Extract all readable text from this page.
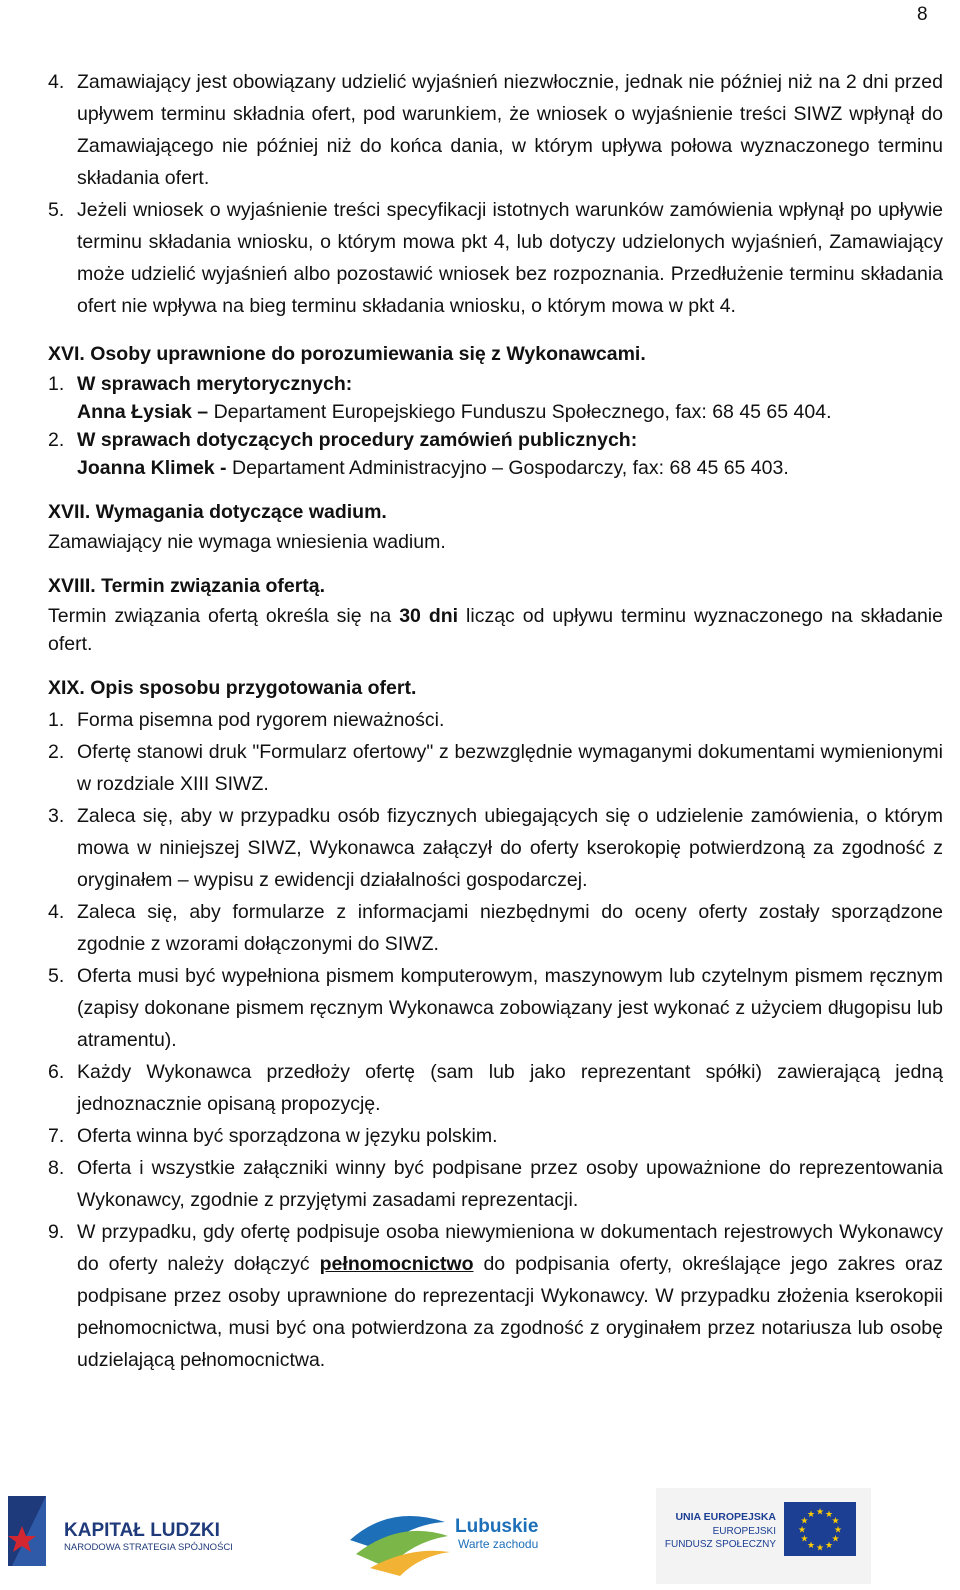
8
4. Zamawiający jest obowiązany udzielić wyjaśnień niezwłocznie, jednak nie później niż na 2 dni przed upływem terminu składnia ofert, pod warunkiem, że wniosek o wyjaśnienie treści SIWZ wpłynął do Zamawiającego nie później niż do końca dania, w którym upływa połowa wyznaczonego terminu składania ofert.
5. Jeżeli wniosek o wyjaśnienie treści specyfikacji istotnych warunków zamówienia wpłynął po upływie terminu składania wniosku, o którym mowa pkt 4, lub dotyczy udzielonych wyjaśnień, Zamawiający może udzielić wyjaśnień albo pozostawić wniosek bez rozpoznania. Przedłużenie terminu składania ofert nie wpływa na bieg terminu składania wniosku, o którym mowa w pkt 4.
XVI. Osoby uprawnione do porozumiewania się z Wykonawcami.
1. W sprawach merytorycznych:
Anna Łysiak – Departament Europejskiego Funduszu Społecznego, fax: 68 45 65 404.
2. W sprawach dotyczących procedury zamówień publicznych:
Joanna Klimek - Departament Administracyjno – Gospodarczy, fax: 68 45 65 403.
XVII. Wymagania dotyczące wadium.
Zamawiający nie wymaga wniesienia wadium.
XVIII. Termin związania ofertą.
Termin związania ofertą określa się na 30 dni licząc od upływu terminu wyznaczonego na składanie ofert.
XIX. Opis sposobu przygotowania ofert.
1. Forma pisemna pod rygorem nieważności.
2. Ofertę stanowi druk "Formularz ofertowy" z bezwzględnie wymaganymi dokumentami wymienionymi w rozdziale XIII SIWZ.
3. Zaleca się, aby w przypadku osób fizycznych ubiegających się o udzielenie zamówienia, o którym mowa w niniejszej SIWZ, Wykonawca załączył do oferty kserokopię potwierdzoną za zgodność z oryginałem – wypisu z ewidencji działalności gospodarczej.
4. Zaleca się, aby formularze z informacjami niezbędnymi do oceny oferty zostały sporządzone zgodnie z wzorami dołączonymi do SIWZ.
5. Oferta musi być wypełniona pismem komputerowym, maszynowym lub czytelnym pismem ręcznym (zapisy dokonane pismem ręcznym Wykonawca zobowiązany jest wykonać z użyciem długopisu lub atramentu).
6. Każdy Wykonawca przedłoży ofertę (sam lub jako reprezentant spółki) zawierającą jedną jednoznacznie opisaną propozycję.
7. Oferta winna być sporządzona w języku polskim.
8. Oferta i wszystkie załączniki winny być podpisane przez osoby upoważnione do reprezentowania Wykonawcy, zgodnie z przyjętymi zasadami reprezentacji.
9. W przypadku, gdy ofertę podpisuje osoba niewymieniona w dokumentach rejestrowych Wykonawcy do oferty należy dołączyć pełnomocnictwo do podpisania oferty, określające jego zakres oraz podpisane przez osoby uprawnione do reprezentacji Wykonawcy. W przypadku złożenia kserokopii pełnomocnictwa, musi być ona potwierdzona za zgodność z oryginałem przez notariusza lub osobę udzielającą pełnomocnictwa.
KAPITAŁ LUDZKI
NARODOWA STRATEGIA SPÓJNOŚCI
Lubuskie
Warte zachodu
UNIA EUROPEJSKA
EUROPEJSKI
FUNDUSZ SPOŁECZNY
★
★
★
★
★
★
★
★
★ ★ ★
★
